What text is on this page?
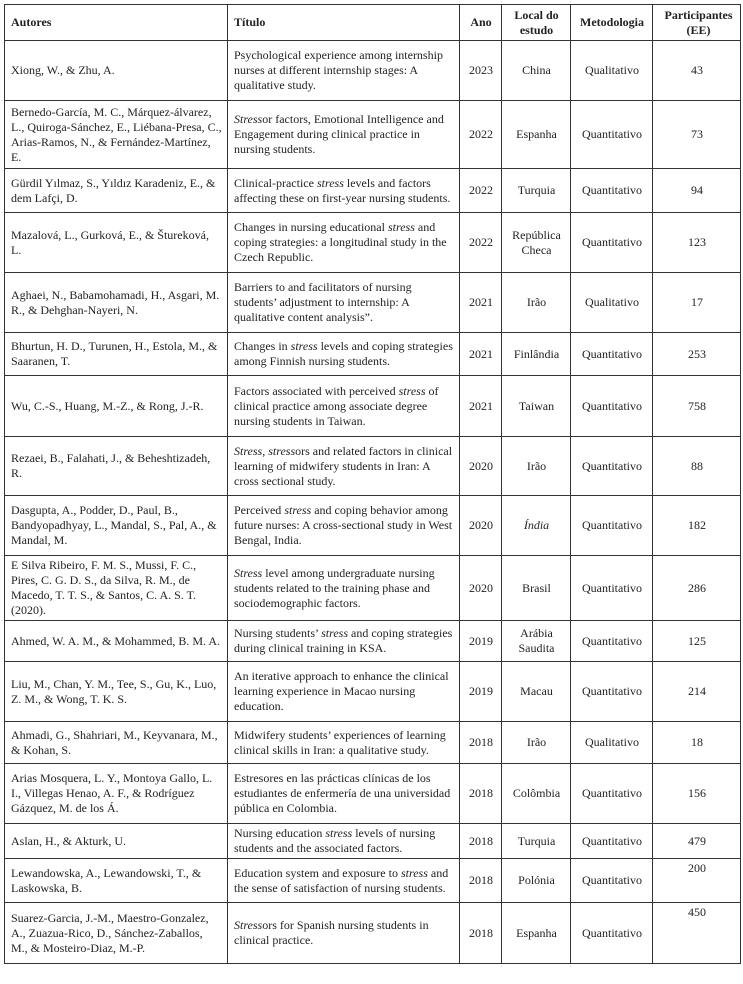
Autores	Título	Ano	Local do estudo	Metodologia	Participantes (EE)
Xiong, W., & Zhu, A.	Psychological experience among internship nurses at different internship stages: A qualitative study.	2023	China	Qualitativo	43
Bernedo-García, M. C., Márquez-álvarez, L., Quiroga-Sánchez, E., Liébana-Presa, C., Arias-Ramos, N., & Fernández-Martínez, E.	Stressor factors, Emotional Intelligence and Engagement during clinical practice in nursing students.	2022	Espanha	Quantitativo	73
Gürdil Yılmaz, S., Yıldız Karadeniz, E., & dem Lafçi, D.	Clinical-practice stress levels and factors affecting these on first-year nursing students.	2022	Turquia	Quantitativo	94
Mazalová, L., Gurková, E., & Štureková, L.	Changes in nursing educational stress and coping strategies: a longitudinal study in the Czech Republic.	2022	República Checa	Quantitativo	123
Aghaei, N., Babamohamadi, H., Asgari, M. R., & Dehghan-Nayeri, N.	Barriers to and facilitators of nursing students’ adjustment to internship: A qualitative content analysis”.	2021	Irão	Qualitativo	17
Bhurtun, H. D., Turunen, H., Estola, M., & Saaranen, T.	Changes in stress levels and coping strategies among Finnish nursing students.	2021	Finlândia	Quantitativo	253
Wu, C.-S., Huang, M.-Z., & Rong, J.-R.	Factors associated with perceived stress of clinical practice among associate degree nursing students in Taiwan.	2021	Taiwan	Quantitativo	758
Rezaei, B., Falahati, J., & Beheshtizadeh, R.	Stress, stressors and related factors in clinical learning of midwifery students in Iran: A cross sectional study.	2020	Irão	Quantitativo	88
Dasgupta, A., Podder, D., Paul, B., Bandyopadhyay, L., Mandal, S., Pal, A., & Mandal, M.	Perceived stress and coping behavior among future nurses: A cross-sectional study in West Bengal, India.	2020	Índia	Quantitativo	182
E Silva Ribeiro, F. M. S., Mussi, F. C., Pires, C. G. D. S., da Silva, R. M., de Macedo, T. T. S., & Santos, C. A. S. T. (2020).	Stress level among undergraduate nursing students related to the training phase and sociodemographic factors.	2020	Brasil	Quantitativo	286
Ahmed, W. A. M., & Mohammed, B. M. A.	Nursing students’ stress and coping strategies during clinical training in KSA.	2019	Arábia Saudita	Quantitativo	125
Liu, M., Chan, Y. M., Tee, S., Gu, K., Luo, Z. M., & Wong, T. K. S.	An iterative approach to enhance the clinical learning experience in Macao nursing education.	2019	Macau	Quantitativo	214
Ahmadi, G., Shahriari, M., Keyvanara, M., & Kohan, S.	Midwifery students’ experiences of learning clinical skills in Iran: a qualitative study.	2018	Irão	Qualitativo	18
Arias Mosquera, L. Y., Montoya Gallo, L. I., Villegas Henao, A. F., & Rodríguez Gázquez, M. de los Á.	Estresores en las prácticas clínicas de los estudiantes de enfermería de una universidad pública en Colombia.	2018	Colômbia	Quantitativo	156
Aslan, H., & Akturk, U.	Nursing education stress levels of nursing students and the associated factors.	2018	Turquia	Quantitativo	479
Lewandowska, A., Lewandowski, T., & Laskowska, B.	Education system and exposure to stress and the sense of satisfaction of nursing students.	2018	Polónia	Quantitativo	200
Suarez-Garcia, J.-M., Maestro-Gonzalez, A., Zuazua-Rico, D., Sánchez-Zaballos, M., & Mosteiro-Diaz, M.-P.	Stressors for Spanish nursing students in clinical practice.	2018	Espanha	Quantitativo	450
